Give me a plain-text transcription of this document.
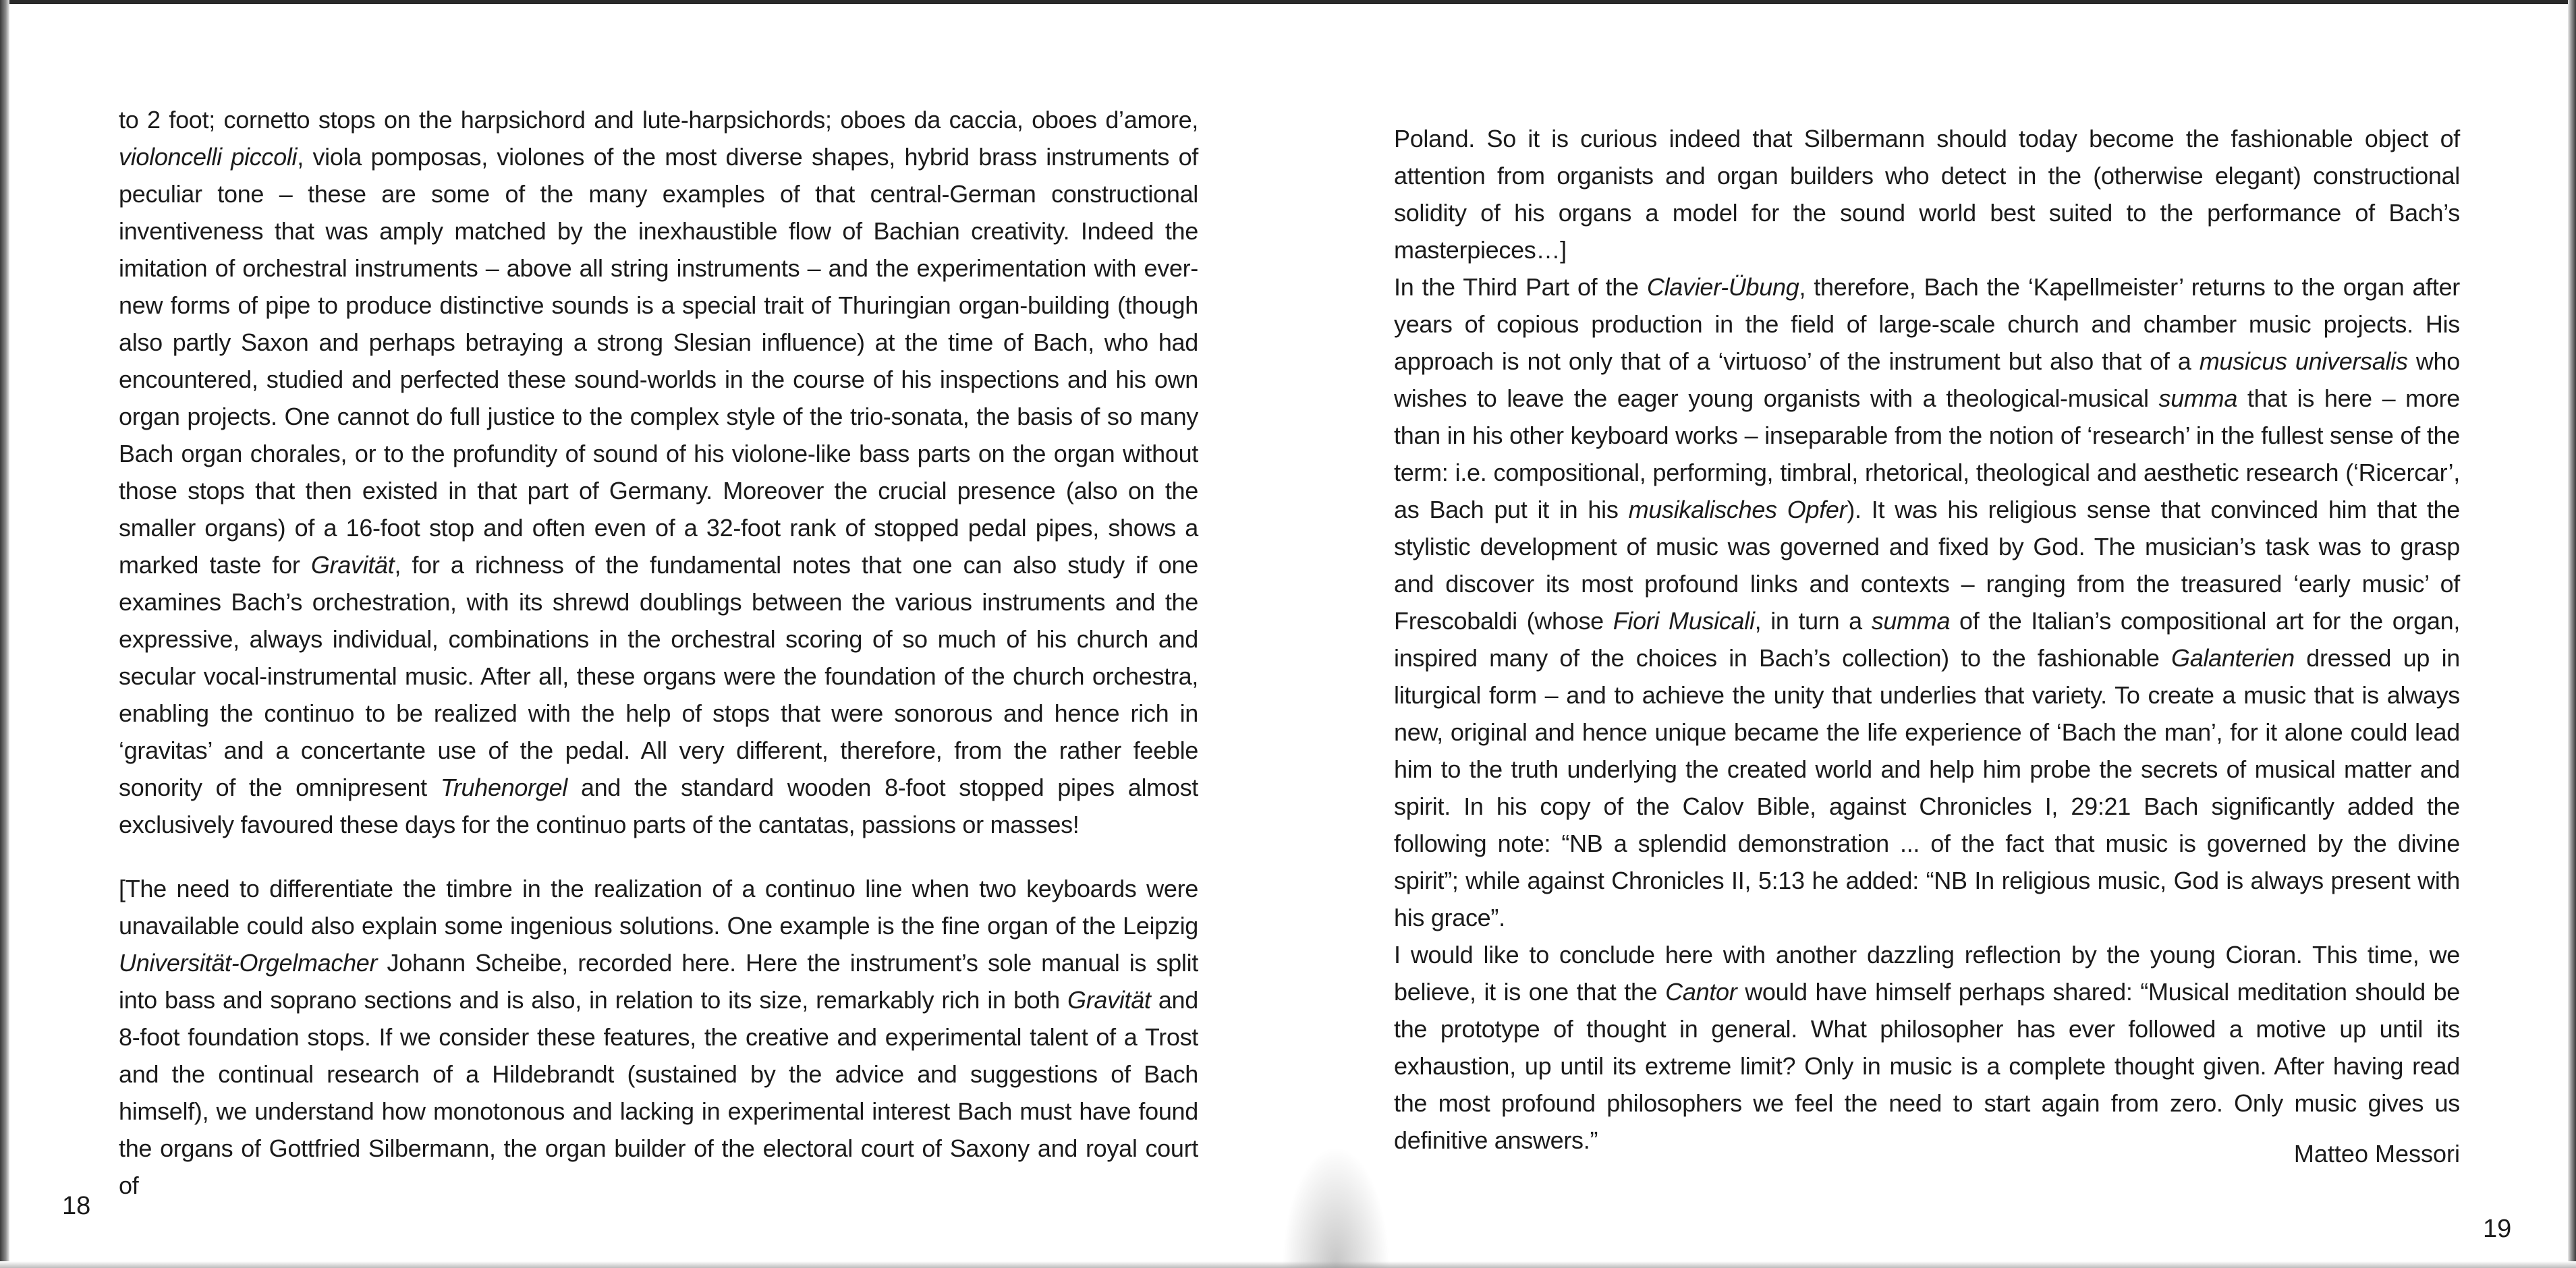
to 2 foot; cornetto stops on the harpsichord and lute-harpsichords; oboes da caccia, oboes d’amore, violoncelli piccoli, viola pomposas, violones of the most diverse shapes, hybrid brass instruments of peculiar tone – these are some of the many examples of that central-German constructional inventiveness that was amply matched by the inexhaustible flow of Bachian creativity. Indeed the imitation of orchestral instruments – above all string instruments – and the experimentation with ever-new forms of pipe to produce distinctive sounds is a special trait of Thuringian organ-building (though also partly Saxon and perhaps betraying a strong Slesian influence) at the time of Bach, who had encountered, studied and perfected these sound-worlds in the course of his inspections and his own organ projects. One cannot do full justice to the complex style of the trio-sonata, the basis of so many Bach organ chorales, or to the profundity of sound of his violone-like bass parts on the organ without those stops that then existed in that part of Germany. Moreover the crucial presence (also on the smaller organs) of a 16-foot stop and often even of a 32-foot rank of stopped pedal pipes, shows a marked taste for Gravität, for a richness of the fundamental notes that one can also study if one examines Bach’s orchestration, with its shrewd doublings between the various instruments and the expressive, always individual, combinations in the orchestral scoring of so much of his church and secular vocal-instrumental music. After all, these organs were the foundation of the church orchestra, enabling the continuo to be realized with the help of stops that were sonorous and hence rich in ‘gravitas’ and a concertante use of the pedal. All very different, therefore, from the rather feeble sonority of the omnipresent Truhenorgel and the standard wooden 8-foot stopped pipes almost exclusively favoured these days for the continuo parts of the cantatas, passions or masses!

[The need to differentiate the timbre in the realization of a continuo line when two keyboards were unavailable could also explain some ingenious solutions. One example is the fine organ of the Leipzig Universität-Orgelmacher Johann Scheibe, recorded here. Here the instrument’s sole manual is split into bass and soprano sections and is also, in relation to its size, remarkably rich in both Gravität and 8-foot foundation stops. If we consider these features, the creative and experimental talent of a Trost and the continual research of a Hildebrandt (sustained by the advice and suggestions of Bach himself), we understand how monotonous and lacking in experimental interest Bach must have found the organs of Gottfried Silbermann, the organ builder of the electoral court of Saxony and royal court of

18

Poland. So it is curious indeed that Silbermann should today become the fashionable object of attention from organists and organ builders who detect in the (otherwise elegant) constructional solidity of his organs a model for the sound world best suited to the performance of Bach’s masterpieces…]

In the Third Part of the Clavier-Übung, therefore, Bach the ‘Kapellmeister’ returns to the organ after years of copious production in the field of large-scale church and chamber music projects. His approach is not only that of a ‘virtuoso’ of the instrument but also that of a musicus universalis who wishes to leave the eager young organists with a theological-musical summa that is here – more than in his other keyboard works – inseparable from the notion of ‘research’ in the fullest sense of the term: i.e. compositional, performing, timbral, rhetorical, theological and aesthetic research (‘Ricercar’, as Bach put it in his musikalisches Opfer). It was his religious sense that convinced him that the stylistic development of music was governed and fixed by God. The musician’s task was to grasp and discover its most profound links and contexts – ranging from the treasured ‘early music’ of Frescobaldi (whose Fiori Musicali, in turn a summa of the Italian’s compositional art for the organ, inspired many of the choices in Bach’s collection) to the fashionable Galanterien dressed up in liturgical form – and to achieve the unity that underlies that variety. To create a music that is always new, original and hence unique became the life experience of ‘Bach the man’, for it alone could lead him to the truth underlying the created world and help him probe the secrets of musical matter and spirit. In his copy of the Calov Bible, against Chronicles I, 29:21 Bach significantly added the following note: “NB a splendid demonstration ... of the fact that music is governed by the divine spirit”; while against Chronicles II, 5:13 he added: “NB In religious music, God is always present with his grace”.

I would like to conclude here with another dazzling reflection by the young Cioran. This time, we believe, it is one that the Cantor would have himself perhaps shared: “Musical meditation should be the prototype of thought in general. What philosopher has ever followed a motive up until its exhaustion, up until its extreme limit? Only in music is a complete thought given. After having read the most profound philosophers we feel the need to start again from zero. Only music gives us definitive answers.”	Matteo Messori
19
